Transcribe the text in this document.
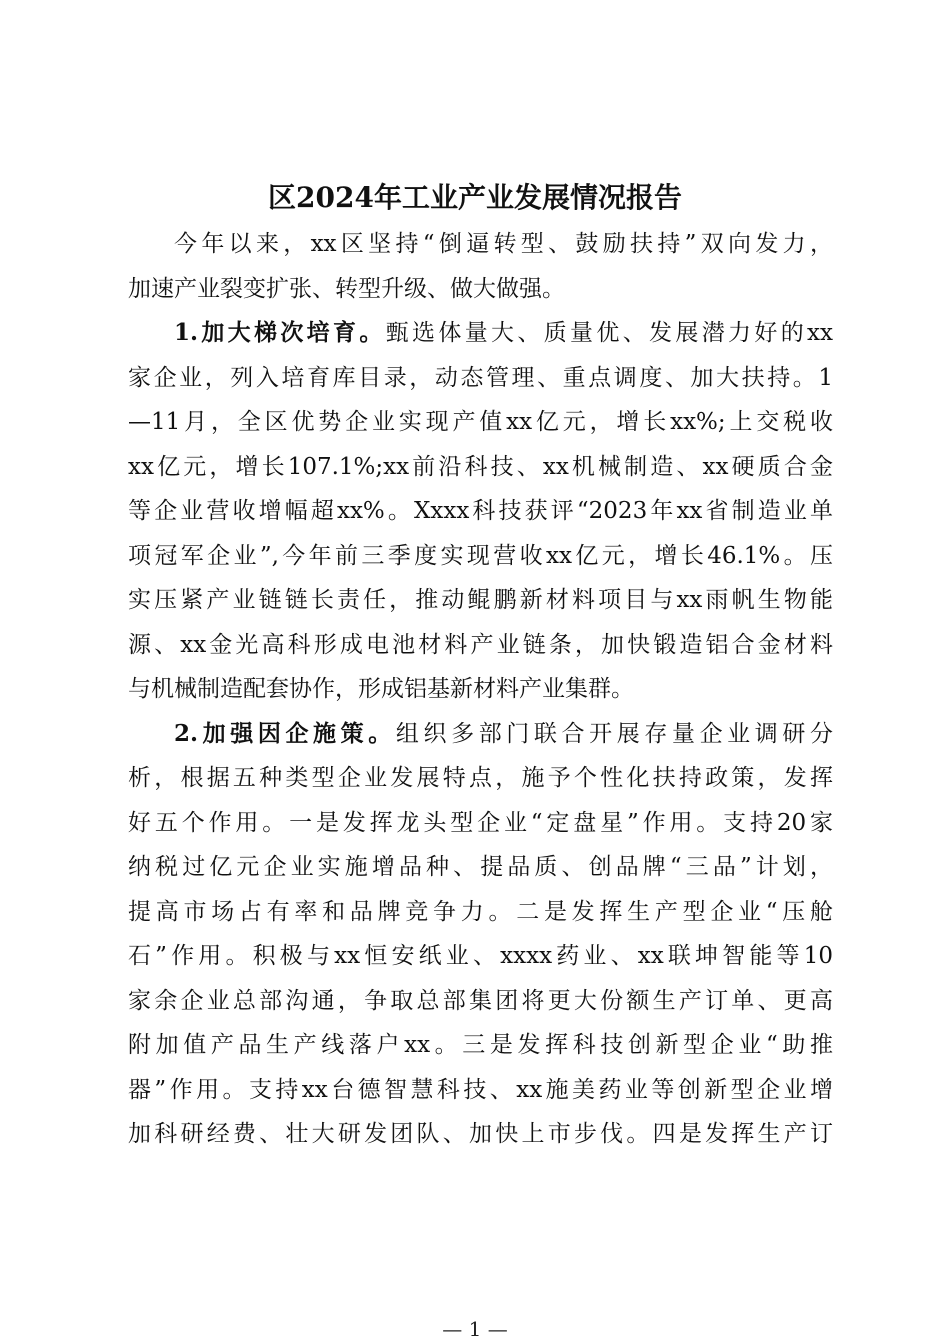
区2024年工业产业发展情况报告
今年以来，xx区坚持“倒逼转型、鼓励扶持”双向发力，
加速产业裂变扩张、转型升级、做大做强。
1.加大梯次培育。甄选体量大、质量优、发展潜力好的xx
家企业，列入培育库目录，动态管理、重点调度、加大扶持。1
—11月，全区优势企业实现产值xx亿元，增长xx%;上交税收
xx亿元，增长107.1%;xx前沿科技、xx机械制造、xx硬质合金
等企业营收增幅超xx%。Xxxx科技获评“2023年xx省制造业单
项冠军企业”,今年前三季度实现营收xx亿元，增长46.1%。压
实压紧产业链链长责任，推动鲲鹏新材料项目与xx雨帆生物能
源、xx金光高科形成电池材料产业链条，加快锻造铝合金材料
与机械制造配套协作，形成铝基新材料产业集群。
2.加强因企施策。组织多部门联合开展存量企业调研分
析，根据五种类型企业发展特点，施予个性化扶持政策，发挥
好五个作用。一是发挥龙头型企业“定盘星”作用。支持20家
纳税过亿元企业实施增品种、提品质、创品牌“三品”计划，
提高市场占有率和品牌竞争力。二是发挥生产型企业“压舱
石”作用。积极与xx恒安纸业、xxxx药业、xx联坤智能等10
家余企业总部沟通，争取总部集团将更大份额生产订单、更高
附加值产品生产线落户xx。三是发挥科技创新型企业“助推
器”作用。支持xx台德智慧科技、xx施美药业等创新型企业增
加科研经费、壮大研发团队、加快上市步伐。四是发挥生产订
— 1 —
